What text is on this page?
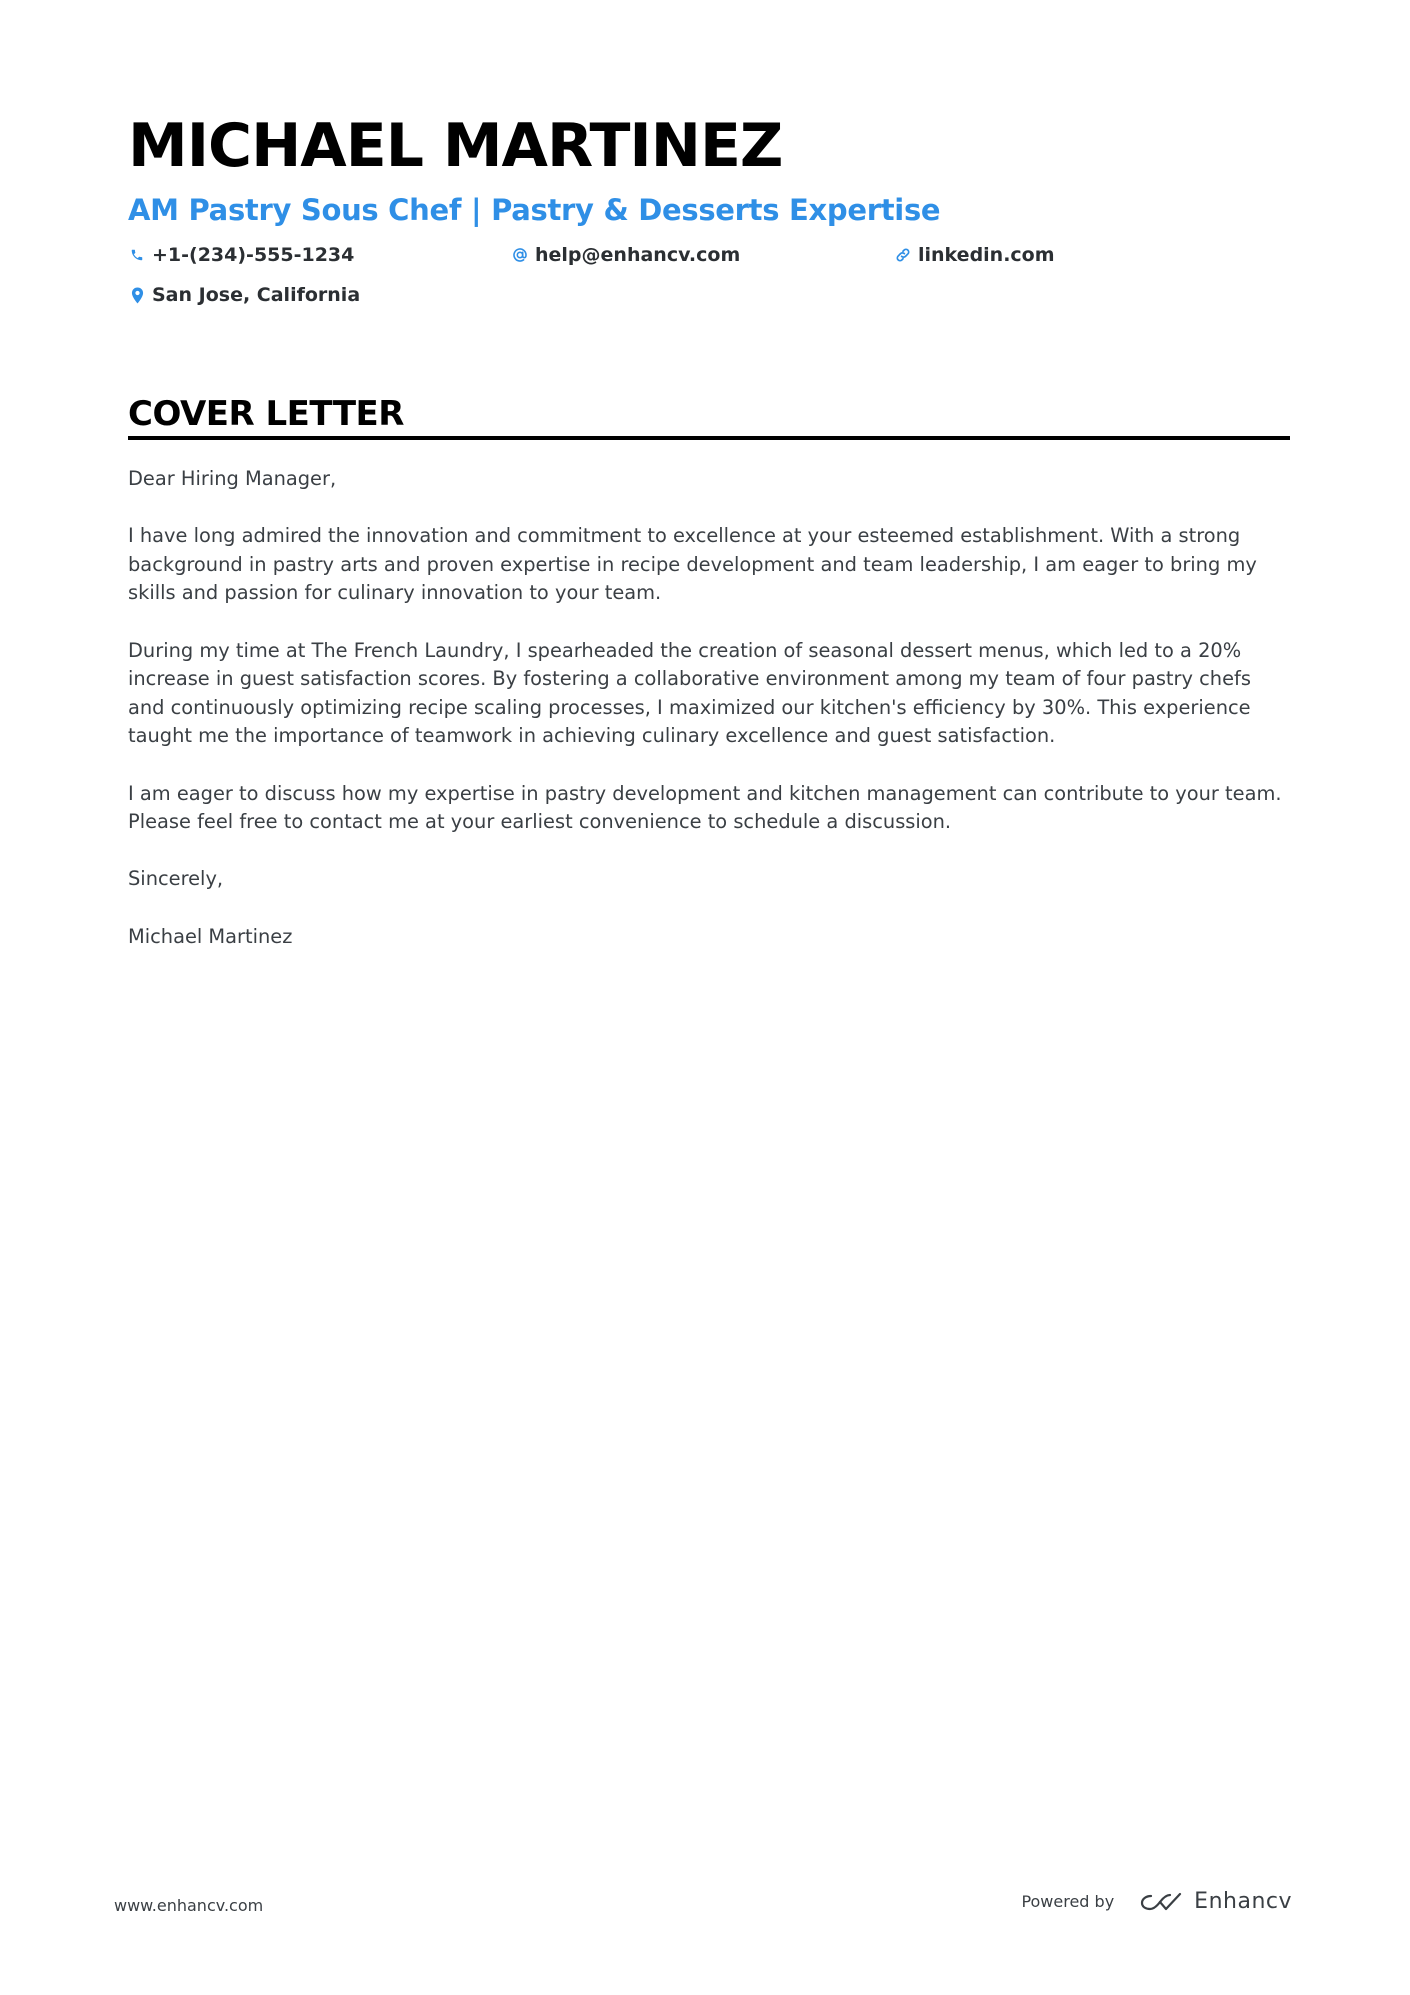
MICHAEL MARTINEZ
AM Pastry Sous Chef | Pastry & Desserts Expertise
+1-(234)-555-1234	help@enhancv.com	linkedin.com
San Jose, California
COVER LETTER

Dear Hiring Manager,

I have long admired the innovation and commitment to excellence at your esteemed establishment. With a strong background in pastry arts and proven expertise in recipe development and team leadership, I am eager to bring my skills and passion for culinary innovation to your team.

During my time at The French Laundry, I spearheaded the creation of seasonal dessert menus, which led to a 20% increase in guest satisfaction scores. By fostering a collaborative environment among my team of four pastry chefs and continuously optimizing recipe scaling processes, I maximized our kitchen's efficiency by 30%. This experience taught me the importance of teamwork in achieving culinary excellence and guest satisfaction.

I am eager to discuss how my expertise in pastry development and kitchen management can contribute to your team. Please feel free to contact me at your earliest convenience to schedule a discussion.

Sincerely,

Michael Martinez

www.enhancv.com	Powered by	Enhancv
